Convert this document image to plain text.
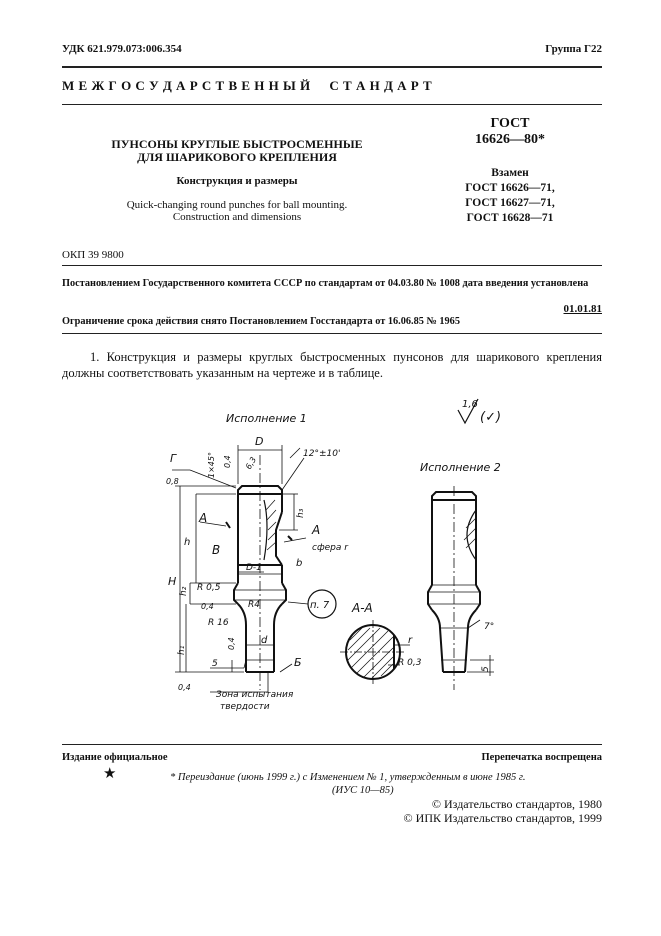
УДК 621.979.073:006.354	Группа Г22
М Е Ж Г О С У Д А Р С Т В Е Н Н Ы Й     С Т А Н Д А Р Т
ПУНСОНЫ КРУГЛЫЕ БЫСТРОСМЕННЫЕ
ДЛЯ ШАРИКОВОГО КРЕПЛЕНИЯ
Конструкция и размеры
Quick-changing round punches for ball mounting.
Construction and dimensions
ГОСТ
16626—80*
Взамен
ГОСТ 16626—71,
ГОСТ 16627—71,
ГОСТ 16628—71
ОКП 39 9800
Постановлением Государственного комитета СССР по стандартам от 04.03.80 № 1008 дата введения установлена
01.01.81
Ограничение срока действия снято Постановлением Госстандарта от 16.06.85 № 1965
1. Конструкция и размеры круглых быстросменных пунсонов для шарикового крепления должны соответствовать указанным на чертеже и в таблице.
1,6
(✓)
Исполнение 1
Исполнение 2
Г
D
12°±10'
0,4 6,3
1×45°
0,8
А
А
В	сфера r
h
h₃
H
D-1	b
h₂ R 0,5
п. 7
R4
0,4
R 16
0,4	d
h₁
5	Б
0,4
Зона испытания
твердости
А-А
r
R 0,3
7°
5
Издание официальное	Перепечатка воспрещена
★	* Переиздание (июнь 1999 г.) с Изменением № 1, утвержденным в июне 1985 г.
(ИУС 10—85)
© Издательство стандартов, 1980
© ИПК Издательство стандартов, 1999
